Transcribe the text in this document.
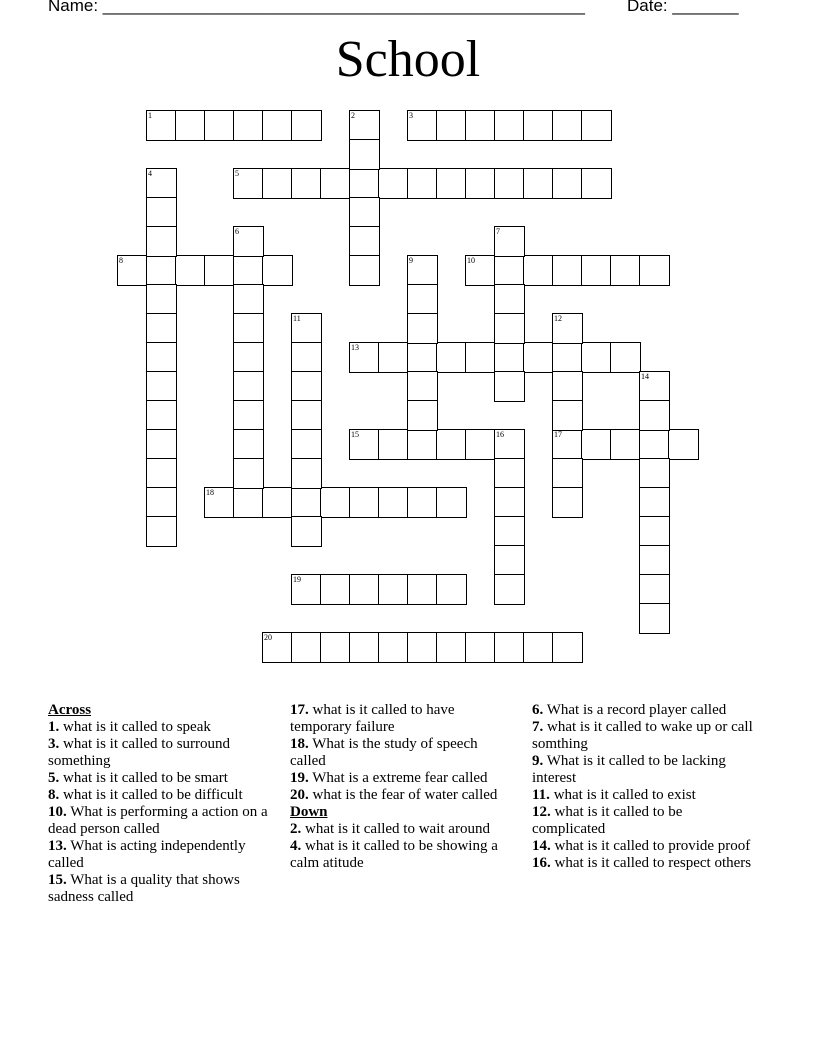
Name: ___________________________________________________ Date: _______
School
1	3
5
8	10
13
15	17
18
19
20
2
4
6	7
9
11	12
14
16
Across
1. what is it called to speak
3. what is it called to surround something
5. what is it called to be smart
8. what is it called to be difficult
10. What is performing a action on a dead person called
13. What is acting independently called
15. What is a quality that shows sadness called
17. what is it called to have temporary failure
18. What is the study of speech called
19. What is a extreme fear called
20. what is the fear of water called
Down
2. what is it called to wait around
4. what is it called to be showing a calm atitude
6. What is a record player called
7. what is it called to wake up or call somthing
9. What is it called to be lacking interest
11. what is it called to exist
12. what is it called to be complicated
14. what is it called to provide proof
16. what is it called to respect others
